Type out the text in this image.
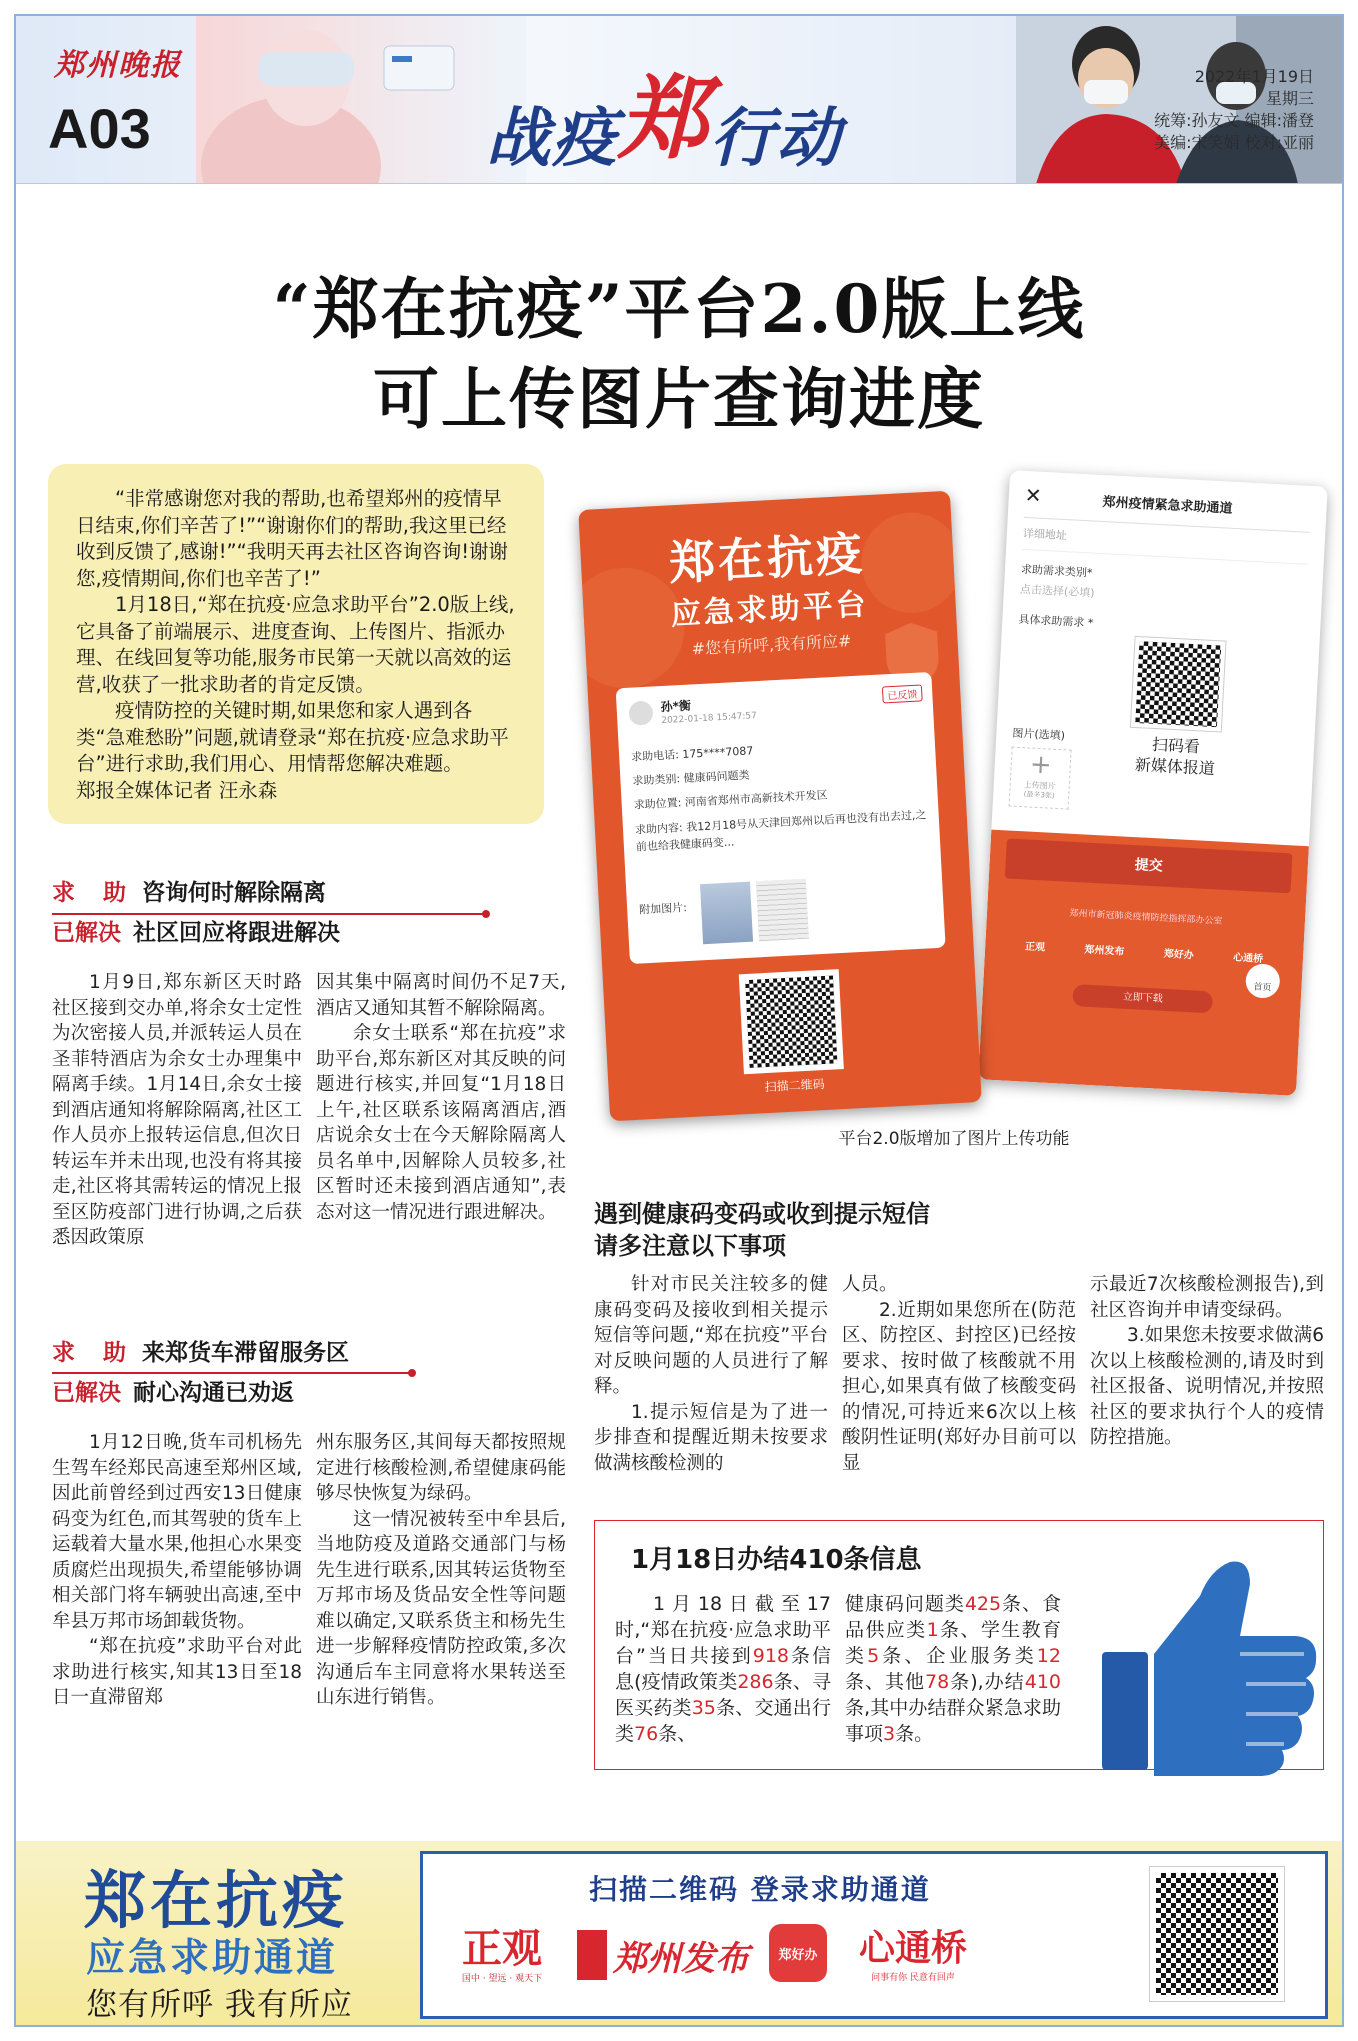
郑州晚报
A03	战疫郑行动
2022年1月19日
星期三
统筹:孙友文 编辑:潘登
美编:宋笑娟 校对:亚丽
“郑在抗疫”平台2.0版上线
可上传图片查询进度

“非常感谢您对我的帮助,也希望郑州的疫情早日结束,你们辛苦了!”“谢谢你们的帮助,我这里已经收到反馈了,感谢!”“我明天再去社区咨询咨询!谢谢您,疫情期间,你们也辛苦了!”

1月18日,“郑在抗疫·应急求助平台”2.0版上线,它具备了前端展示、进度查询、上传图片、指派办理、在线回复等功能,服务市民第一天就以高效的运营,收获了一批求助者的肯定反馈。

疫情防控的关键时期,如果您和家人遇到各类“急难愁盼”问题,就请登录“郑在抗疫·应急求助平台”进行求助,我们用心、用情帮您解决难题。

郑报全媒体记者 汪永森
求 助 咨询何时解除隔离
已解决 社区回应将跟进解决

1月9日,郑东新区天时路社区接到交办单,将余女士定性为次密接人员,并派转运人员在圣菲特酒店为余女士办理集中隔离手续。1月14日,余女士接到酒店通知将解除隔离,社区工作人员亦上报转运信息,但次日转运车并未出现,也没有将其接走,社区将其需转运的情况上报至区防疫部门进行协调,之后获悉因政策原

因其集中隔离时间仍不足7天,酒店又通知其暂不解除隔离。

余女士联系“郑在抗疫”求助平台,郑东新区对其反映的问题进行核实,并回复“1月18日上午,社区联系该隔离酒店,酒店说余女士在今天解除隔离人员名单中,因解除人员较多,社区暂时还未接到酒店通知”,表态对这一情况进行跟进解决。

求 助 来郑货车滞留服务区
已解决 耐心沟通已劝返

1月12日晚,货车司机杨先生驾车经郑民高速至郑州区域,因此前曾经到过西安13日健康码变为红色,而其驾驶的货车上运载着大量水果,他担心水果变质腐烂出现损失,希望能够协调相关部门将车辆驶出高速,至中牟县万邦市场卸载货物。

“郑在抗疫”求助平台对此求助进行核实,知其13日至18日一直滞留郑

州东服务区,其间每天都按照规定进行核酸检测,希望健康码能够尽快恢复为绿码。

这一情况被转至中牟县后,当地防疫及道路交通部门与杨先生进行联系,因其转运货物至万邦市场及货品安全性等问题难以确定,又联系货主和杨先生进一步解释疫情防控政策,多次沟通后车主同意将水果转送至山东进行销售。

✕	郑州疫情紧急求助通道
详细地址
求助需求类别*
点击选择(必填)
具体求助需求 *
扫码看
新媒体报道
图片(选填)
+
上传图片
(最多3张)
提交
郑州市新冠肺炎疫情防控指挥部办公室
正观	郑州发布	郑好办	心通桥
立即下载
首页
郑在抗疫
应急求助平台
#您有所呼,我有所应#
孙*衡
2022-01-18 15:47:57
已反馈
求助电话: 175****7087
求助类别: 健康码问题类
求助位置: 河南省郑州市高新技术开发区
求助内容: 我12月18号从天津回郑州以后再也没有出去过,之前也给我健康码变...
附加图片:
扫描二维码
平台2.0版增加了图片上传功能
遇到健康码变码或收到提示短信
请多注意以下事项

针对市民关注较多的健康码变码及接收到相关提示短信等问题,“郑在抗疫”平台对反映问题的人员进行了解释。

1.提示短信是为了进一步排查和提醒近期未按要求做满核酸检测的

人员。

2.近期如果您所在(防范区、防控区、封控区)已经按要求、按时做了核酸就不用担心,如果真有做了核酸变码的情况,可持近来6次以上核酸阴性证明(郑好办目前可以显

示最近7次核酸检测报告),到社区咨询并申请变绿码。

3.如果您未按要求做满6次以上核酸检测的,请及时到社区报备、说明情况,并按照社区的要求执行个人的疫情防控措施。

1月18日办结410条信息

1月18日截至17时,“郑在抗疫·应急求助平台”当日共接到918条信息(疫情政策类286条、寻医买药类35条、交通出行类76条、

健康码问题类425条、食品供应类1条、学生教育类5条、企业服务类12条、其他78条),办结410条,其中办结群众紧急求助事项3条。

郑在抗疫
应急求助通道
您有所呼 我有所应
扫描二维码 登录求助通道
正观
国中 · 望远 · 观天下 郑州发布 郑好办 心通桥
问事有你 民意有回声
